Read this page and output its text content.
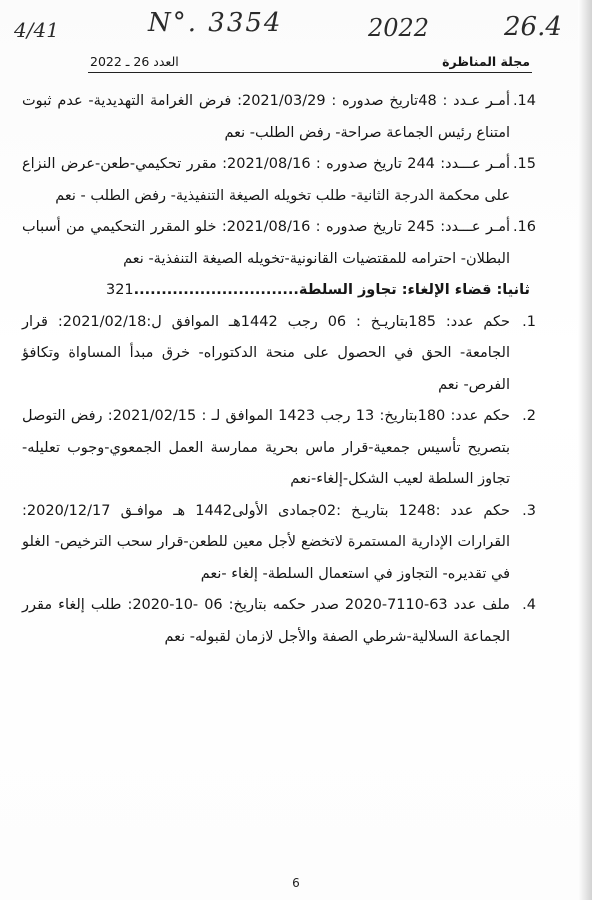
4/41	N°. 3354	2022	26.4
العدد 26 ـ 2022	مجلة المناظرة

14.
أمـر عـدد : 48تاريخ صدوره : 2021/03/29: فرض الغرامة التهديدية- عدم ثبوت امتناع رئيس الجماعة صراحة- رفض الطلب- نعم

15.
أمـر عـــدد: 244 تاريخ صدوره : 2021/08/16: مقرر تحكيمي-طعن-عرض النزاع على محكمة الدرجة الثانية- طلب تخويله الصيغة التنفيذية- رفض الطلب - نعم

16.
أمـر عـــدد: 245 تاريخ صدوره : 2021/08/16: خلو المقرر التحكيمي من أسباب البطلان- احترامه للمقتضيات القانونية-تخويله الصيغة التنفذية- نعم

ثانيا: قضاء الإلغاء: تجاوز السلطة..............................321

1.
حكم عدد: 185بتاريـخ : 06 رجب 1442هـ الموافق ل:2021/02/18: قرار الجامعة- الحق في الحصول على منحة الدكتوراه- خرق مبدأ المساواة وتكافؤ الفرص- نعم

2.
حكم عدد: 180بتاريخ: 13 رجب 1423 الموافق لـ : 2021/02/15: رفض التوصل بتصريح تأسيس جمعية-قرار ماس بحرية ممارسة العمل الجمعوي-وجوب تعليله- تجاوز السلطة لعيب الشكل-إلغاء-نعم

3.
حكم عدد :1248 بتاريـخ :02جمادى الأولى1442 هـ موافـق 2020/12/17: القرارات الإدارية المستمرة لاتخضع لأجل معين للطعن-قرار سحب الترخيص- الغلو في تقديره- التجاوز في استعمال السلطة- إلغاء -نعم

4.
ملف عدد 63-7110-2020 صدر حكمه بتاريخ: 06 -10-2020: طلب إلغاء مقرر الجماعة السلالية-شرطي الصفة والأجل لازمان لقبوله- نعم

6
